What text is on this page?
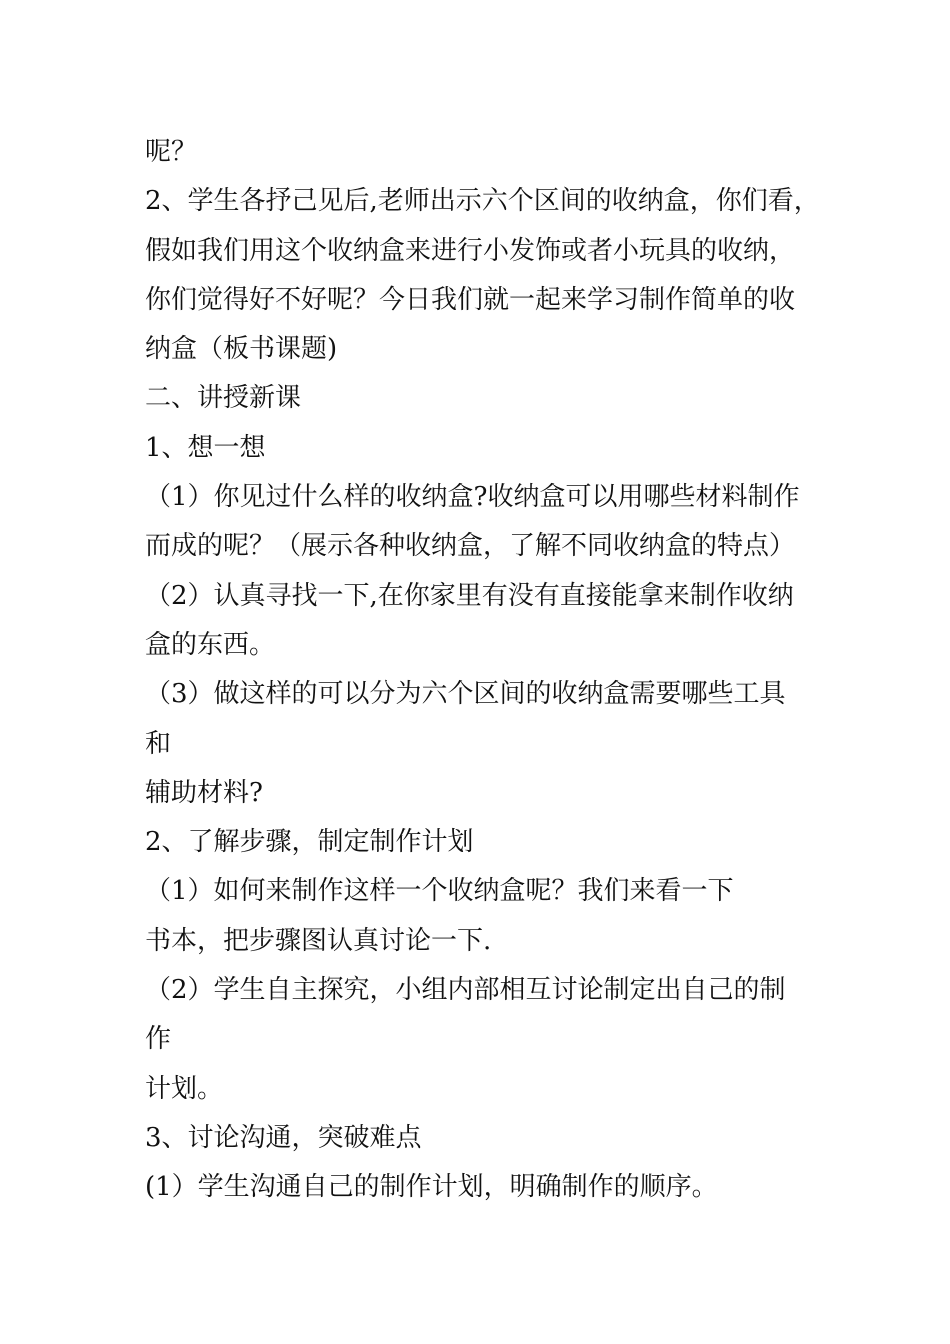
呢？
2、学生各抒己见后,老师出示六个区间的收纳盒，你们看，
假如我们用这个收纳盒来进行小发饰或者小玩具的收纳，
你们觉得好不好呢？今日我们就一起来学习制作简单的收
纳盒（板书课题)
二、讲授新课
1、想一想
（1）你见过什么样的收纳盒?收纳盒可以用哪些材料制作
而成的呢？（展示各种收纳盒，了解不同收纳盒的特点）
（2）认真寻找一下,在你家里有没有直接能拿来制作收纳
盒的东西。
（3）做这样的可以分为六个区间的收纳盒需要哪些工具
和
辅助材料?
2、了解步骤，制定制作计划
（1）如何来制作这样一个收纳盒呢？我们来看一下
书本，把步骤图认真讨论一下.
（2）学生自主探究，小组内部相互讨论制定出自己的制
作
计划。
3、讨论沟通，突破难点
(1）学生沟通自己的制作计划，明确制作的顺序。
